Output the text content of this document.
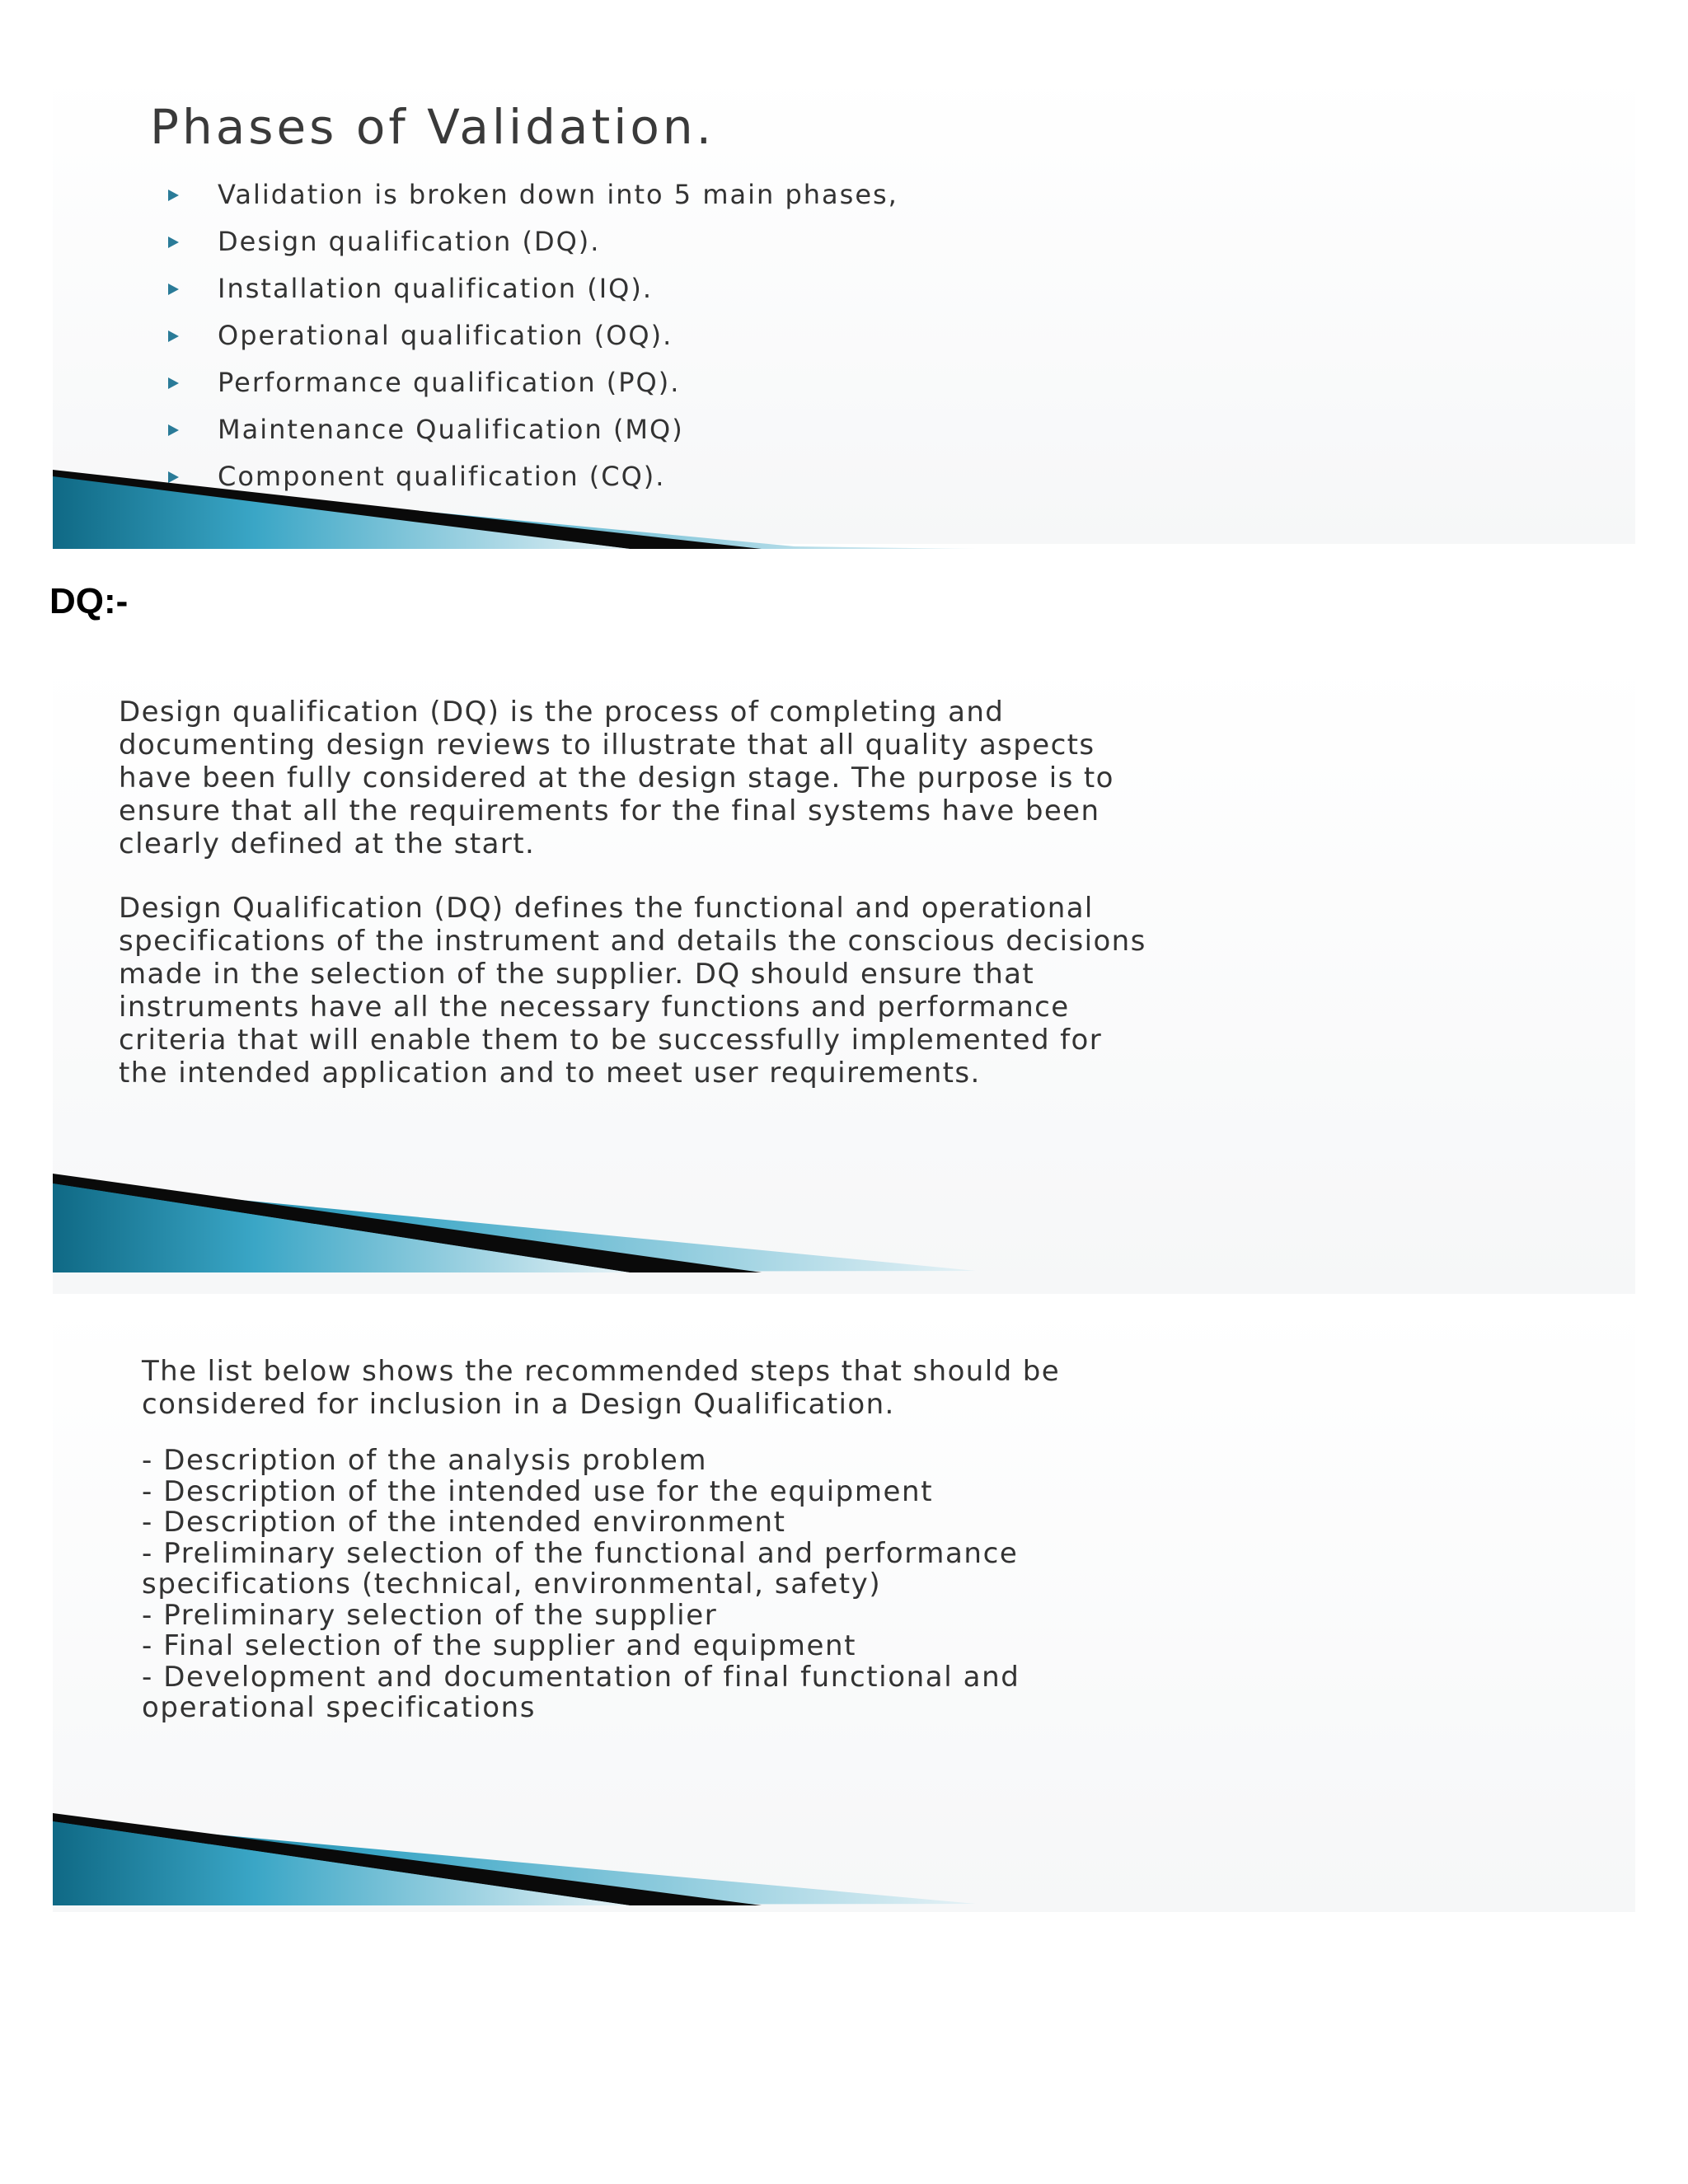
Phases of Validation.
Validation is broken down into 5 main phases,
Design qualification (DQ).
Installation qualification (IQ).
Operational qualification (OQ).
Performance qualification (PQ).
Maintenance Qualification (MQ)
Component qualification (CQ).
DQ:-

Design qualification (DQ) is the process of completing and
documenting design reviews to illustrate that all quality aspects
have been fully considered at the design stage. The purpose is to
ensure that all the requirements for the final systems have been
clearly defined at the start.

Design Qualification (DQ) defines the functional and operational
specifications of the instrument and details the conscious decisions
made in the selection of the supplier. DQ should ensure that
instruments have all the necessary functions and performance
criteria that will enable them to be successfully implemented for
the intended application and to meet user requirements.

The list below shows the recommended steps that should be
considered for inclusion in a Design Qualification.

- Description of the analysis problem
- Description of the intended use for the equipment
- Description of the intended environment
- Preliminary selection of the functional and performance
specifications (technical, environmental, safety)
- Preliminary selection of the supplier
- Final selection of the supplier and equipment
- Development and documentation of final functional and
operational specifications
